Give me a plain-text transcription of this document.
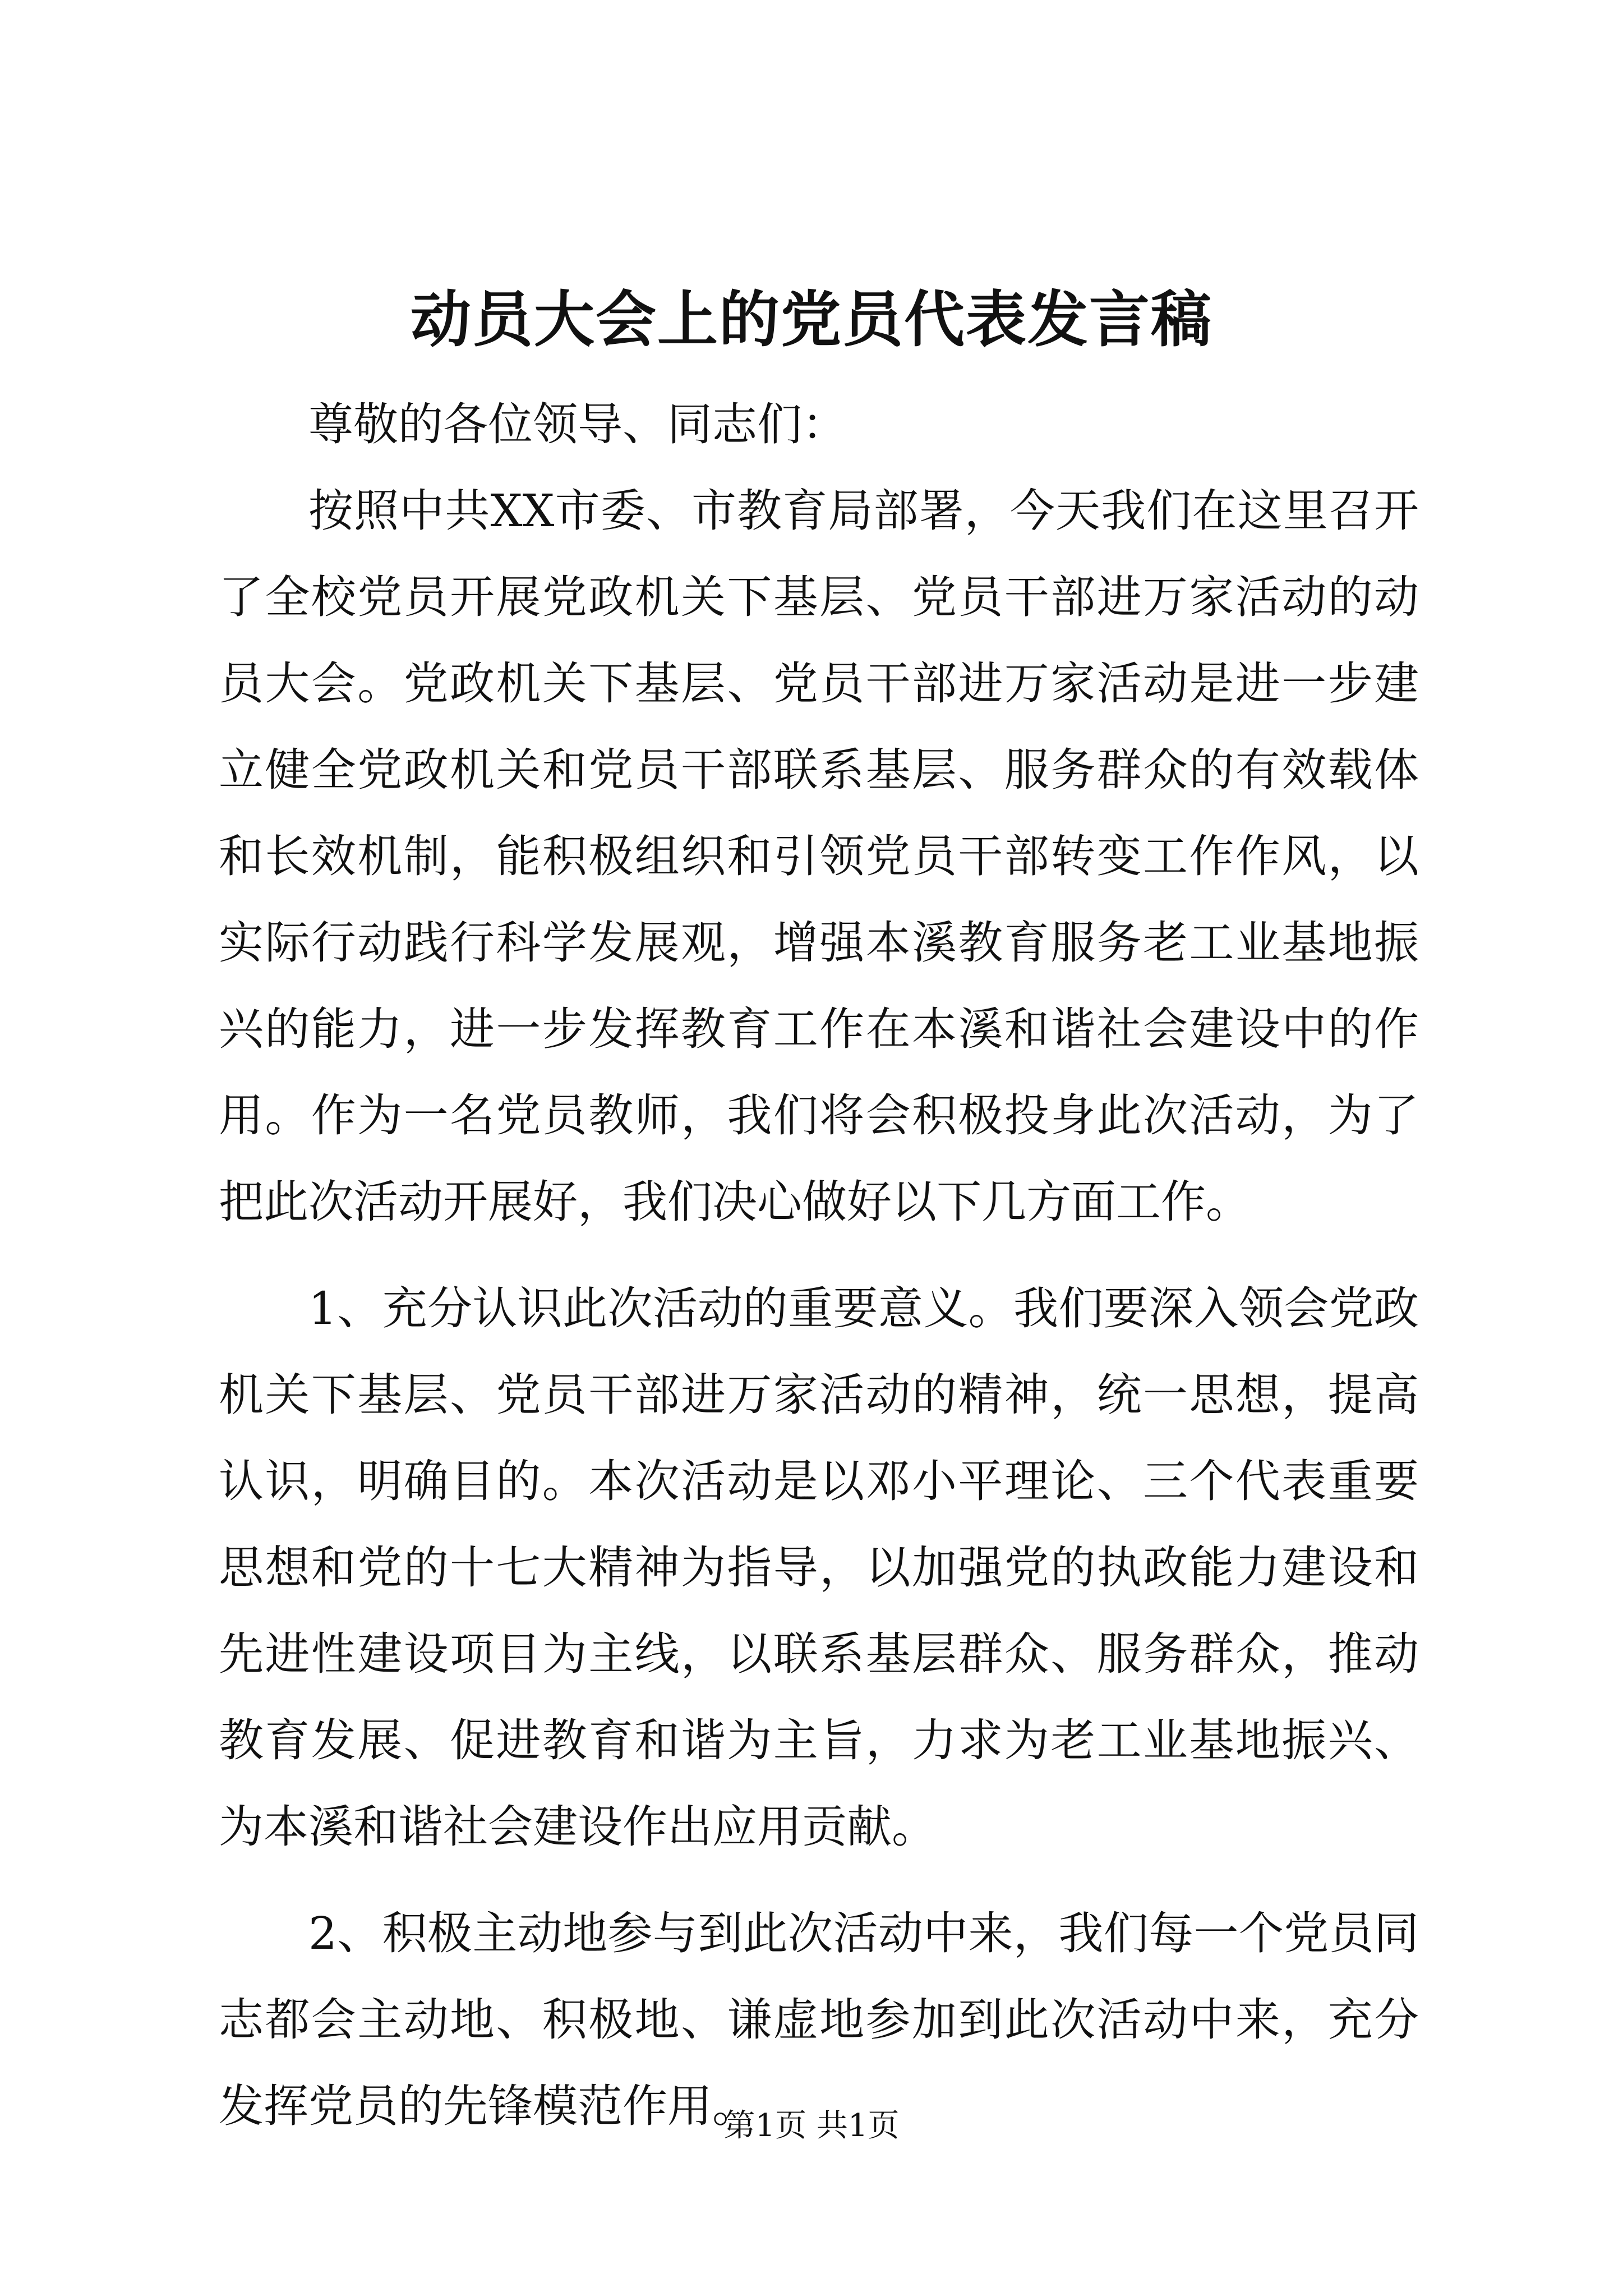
动员大会上的党员代表发言稿

尊敬的各位领导、同志们：

按照中共XX市委、市教育局部署，今天我们在这里召开了全校党员开展党政机关下基层、党员干部进万家活动的动员大会。党政机关下基层、党员干部进万家活动是进一步建立健全党政机关和党员干部联系基层、服务群众的有效载体和长效机制，能积极组织和引领党员干部转变工作作风，以实际行动践行科学发展观，增强本溪教育服务老工业基地振兴的能力，进一步发挥教育工作在本溪和谐社会建设中的作用。作为一名党员教师，我们将会积极投身此次活动，为了把此次活动开展好，我们决心做好以下几方面工作。

1、充分认识此次活动的重要意义。我们要深入领会党政机关下基层、党员干部进万家活动的精神，统一思想，提高认识，明确目的。本次活动是以邓小平理论、三个代表重要思想和党的十七大精神为指导，以加强党的执政能力建设和先进性建设项目为主线，以联系基层群众、服务群众，推动教育发展、促进教育和谐为主旨，力求为老工业基地振兴、为本溪和谐社会建设作出应用贡献。

2、积极主动地参与到此次活动中来，我们每一个党员同志都会主动地、积极地、谦虚地参加到此次活动中来，充分发挥党员的先锋模范作用。

第1页 共1页
